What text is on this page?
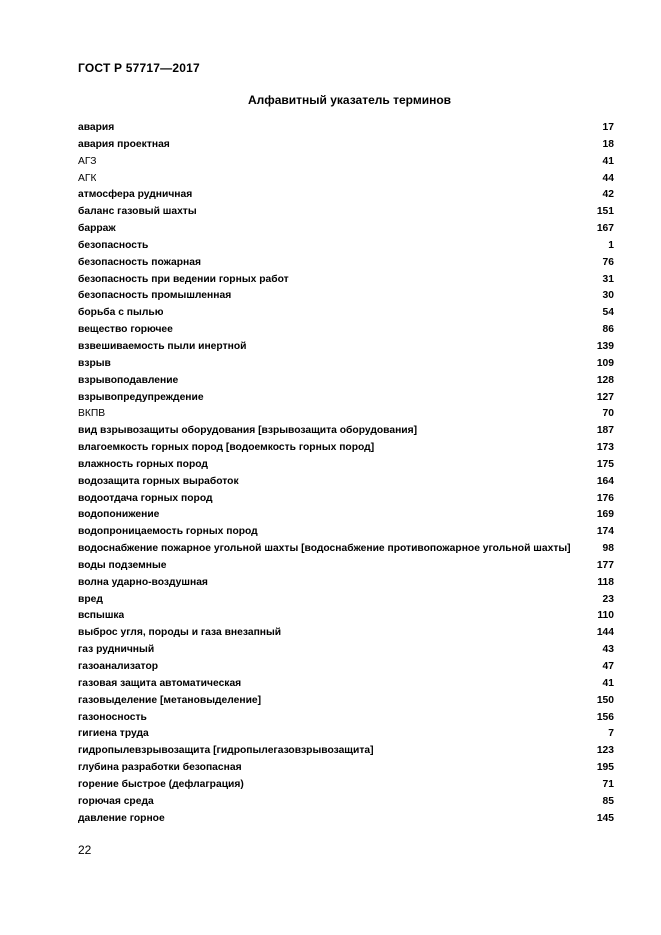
ГОСТ Р 57717—2017
Алфавитный указатель терминов
авария	17
авария проектная	18
АГЗ	41
АГК	44
атмосфера рудничная	42
баланс газовый шахты	151
барраж	167
безопасность	1
безопасность пожарная	76
безопасность при ведении горных работ	31
безопасность промышленная	30
борьба с пылью	54
вещество горючее	86
взвешиваемость пыли инертной	139
взрыв	109
взрывоподавление	128
взрывопредупреждение	127
ВКПВ	70
вид взрывозащиты оборудования [взрывозащита оборудования]	187
влагоемкость горных пород [водоемкость горных пород]	173
влажность горных пород	175
водозащита горных выработок	164
водоотдача горных пород	176
водопонижение	169
водопроницаемость горных пород	174
водоснабжение пожарное угольной шахты [водоснабжение противопожарное угольной шахты]	98
воды подземные	177
волна ударно-воздушная	118
вред	23
вспышка	110
выброс угля, породы и газа внезапный	144
газ рудничный	43
газоанализатор	47
газовая защита автоматическая	41
газовыделение [метановыделение]	150
газоносность	156
гигиена труда	7
гидропылевзрывозащита [гидропылегазовзрывозащита]	123
глубина разработки безопасная	195
горение быстрое (дефлаграция)	71
горючая среда	85
давление горное	145
22
